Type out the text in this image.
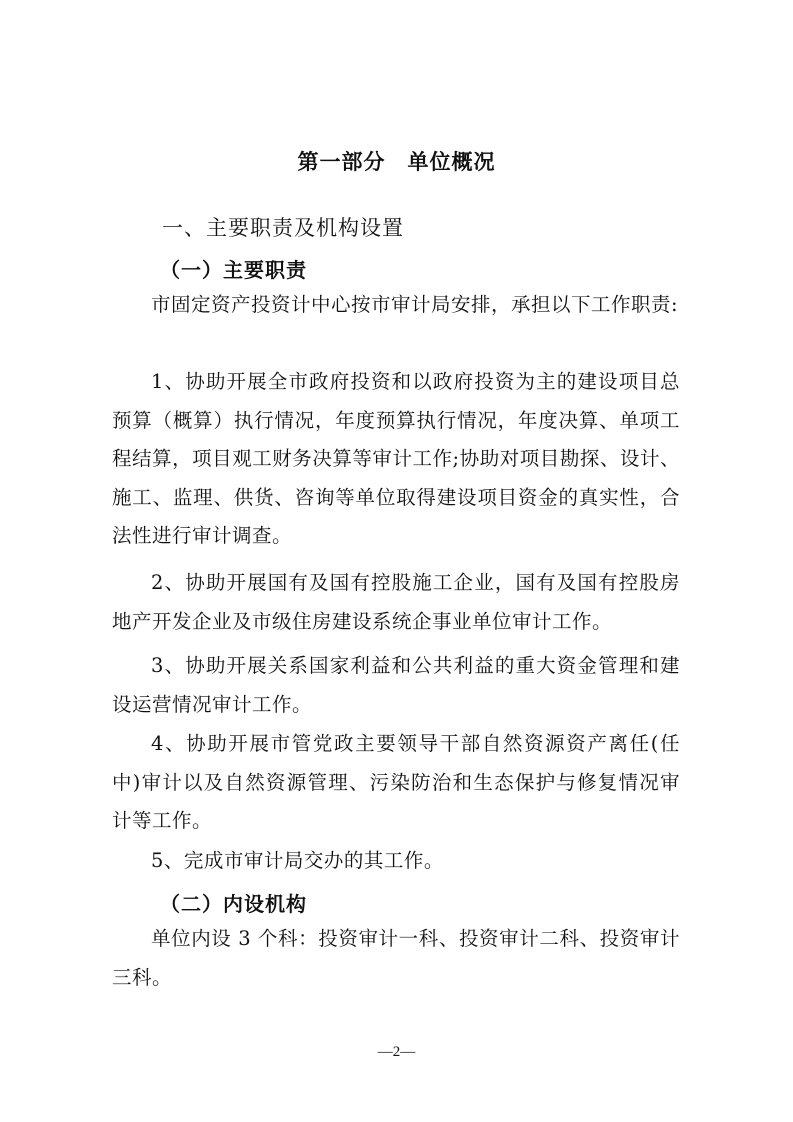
第一部分　单位概况
一、主要职责及机构设置
（一）主要职责
市固定资产投资计中心按市审计局安排，承担以下工作职责:
1、协助开展全市政府投资和以政府投资为主的建设项目总预算（概算）执行情况，年度预算执行情况，年度决算、单项工程结算，项目观工财务决算等审计工作;协助对项目勘探、设计、施工、监理、供货、咨询等单位取得建设项目资金的真实性，合法性进行审计调查。
2、协助开展国有及国有控股施工企业，国有及国有控股房地产开发企业及市级住房建设系统企事业单位审计工作。
3、协助开展关系国家利益和公共利益的重大资金管理和建设运营情况审计工作。
4、协助开展市管党政主要领导干部自然资源资产离任(任中)审计以及自然资源管理、污染防治和生态保护与修复情况审计等工作。
5、完成市审计局交办的其工作。
（二）内设机构
单位内设 3 个科：投资审计一科、投资审计二科、投资审计三科。
—2—
